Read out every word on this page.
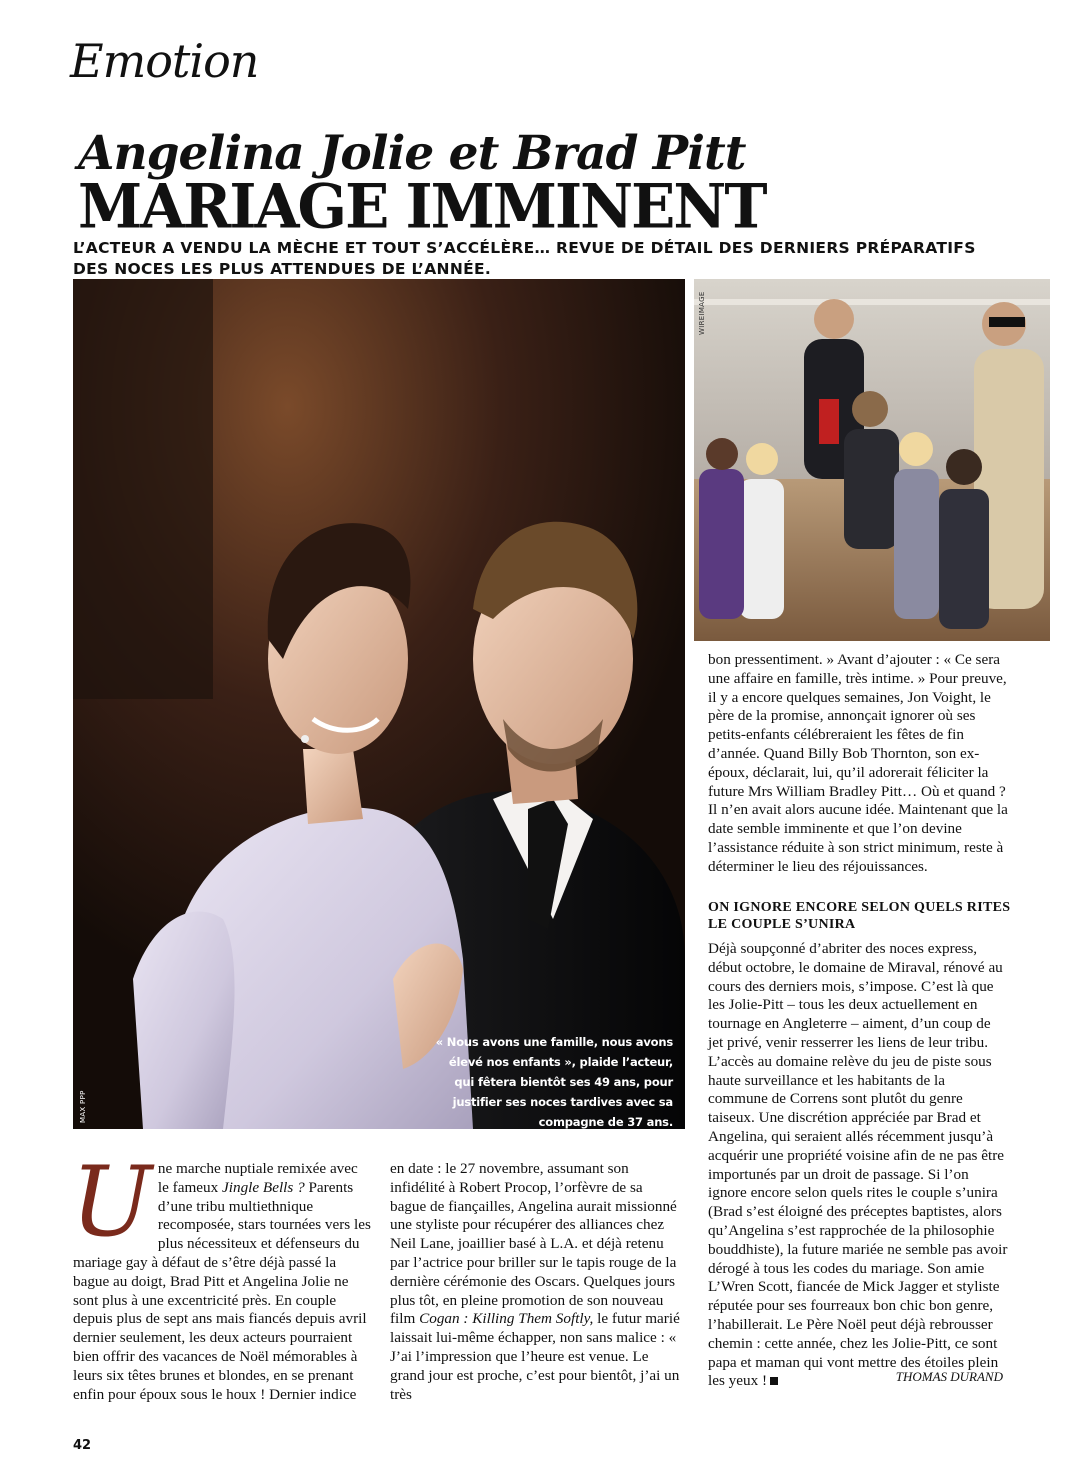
Emotion
Angelina Jolie et Brad Pitt
MARIAGE IMMINENT
L’ACTEUR A VENDU LA MÈCHE ET TOUT S’ACCÉLÈRE… REVUE DE DÉTAIL DES DERNIERS PRÉPARATIFS DES NOCES LES PLUS ATTENDUES DE L’ANNÉE.
MAX PPP
« Nous avons une famille, nous avons élevé nos enfants », plaide l’acteur, qui fêtera bientôt ses 49 ans, pour justifier ses noces tardives avec sa compagne de 37 ans.
WIREIMAGE
bon pressentiment. » Avant d’ajouter : « Ce sera une affaire en famille, très intime. » Pour preuve, il y a encore quelques semaines, Jon Voight, le père de la promise, annonçait ignorer où ses petits-enfants célébreraient les fêtes de fin d’année. Quand Billy Bob Thornton, son ex-époux, déclarait, lui, qu’il adorerait féliciter la future Mrs William Bradley Pitt… Où et quand ? Il n’en avait alors aucune idée. Maintenant que la date semble imminente et que l’on devine l’assistance réduite à son strict minimum, reste à déterminer le lieu des réjouissances.
ON IGNORE ENCORE SELON QUELS RITES LE COUPLE S’UNIRA
Déjà soupçonné d’abriter des noces express, début octobre, le domaine de Miraval, rénové au cours des derniers mois, s’impose. C’est là que les Jolie-Pitt – tous les deux actuellement en tournage en Angleterre – aiment, d’un coup de jet privé, venir resserrer les liens de leur tribu. L’accès au domaine relève du jeu de piste sous haute surveillance et les habitants de la commune de Correns sont plutôt du genre taiseux. Une discrétion appréciée par Brad et Angelina, qui seraient allés récemment jusqu’à acquérir une propriété voisine afin de ne pas être importunés par un droit de passage. Si l’on ignore encore selon quels rites le couple s’unira (Brad s’est éloigné des préceptes baptistes, alors qu’Angelina s’est rapprochée de la philosophie bouddhiste), la future mariée ne semble pas avoir dérogé à tous les codes du mariage. Son amie L’Wren Scott, fiancée de Mick Jagger et styliste réputée pour ses fourreaux bon chic bon genre, l’habillerait. Le Père Noël peut déjà rebrousser chemin : cette année, chez les Jolie-Pitt, ce sont papa et maman qui vont mettre des étoiles plein les yeux !	THOMAS DURAND
Une marche nuptiale remixée avec le fameux Jingle Bells ? Parents d’une tribu multiethnique recomposée, stars tournées vers les plus nécessiteux et défenseurs du mariage gay à défaut de s’être déjà passé la bague au doigt, Brad Pitt et Angelina Jolie ne sont plus à une excentricité près. En couple depuis plus de sept ans mais fiancés depuis avril dernier seulement, les deux acteurs pourraient bien offrir des vacances de Noël mémorables à leurs six têtes brunes et blondes, en se prenant enfin pour époux sous le houx ! Dernier indice
en date : le 27 novembre, assumant son infidélité à Robert Procop, l’orfèvre de sa bague de fiançailles, Angelina aurait missionné une styliste pour récupérer des alliances chez Neil Lane, joaillier basé à L.A. et déjà retenu par l’actrice pour briller sur le tapis rouge de la dernière cérémonie des Oscars. Quelques jours plus tôt, en pleine promotion de son nouveau film Cogan : Killing Them Softly, le futur marié laissait lui-même échapper, non sans malice : « J’ai l’impression que l’heure est venue. Le grand jour est proche, c’est pour bientôt, j’ai un très
42
